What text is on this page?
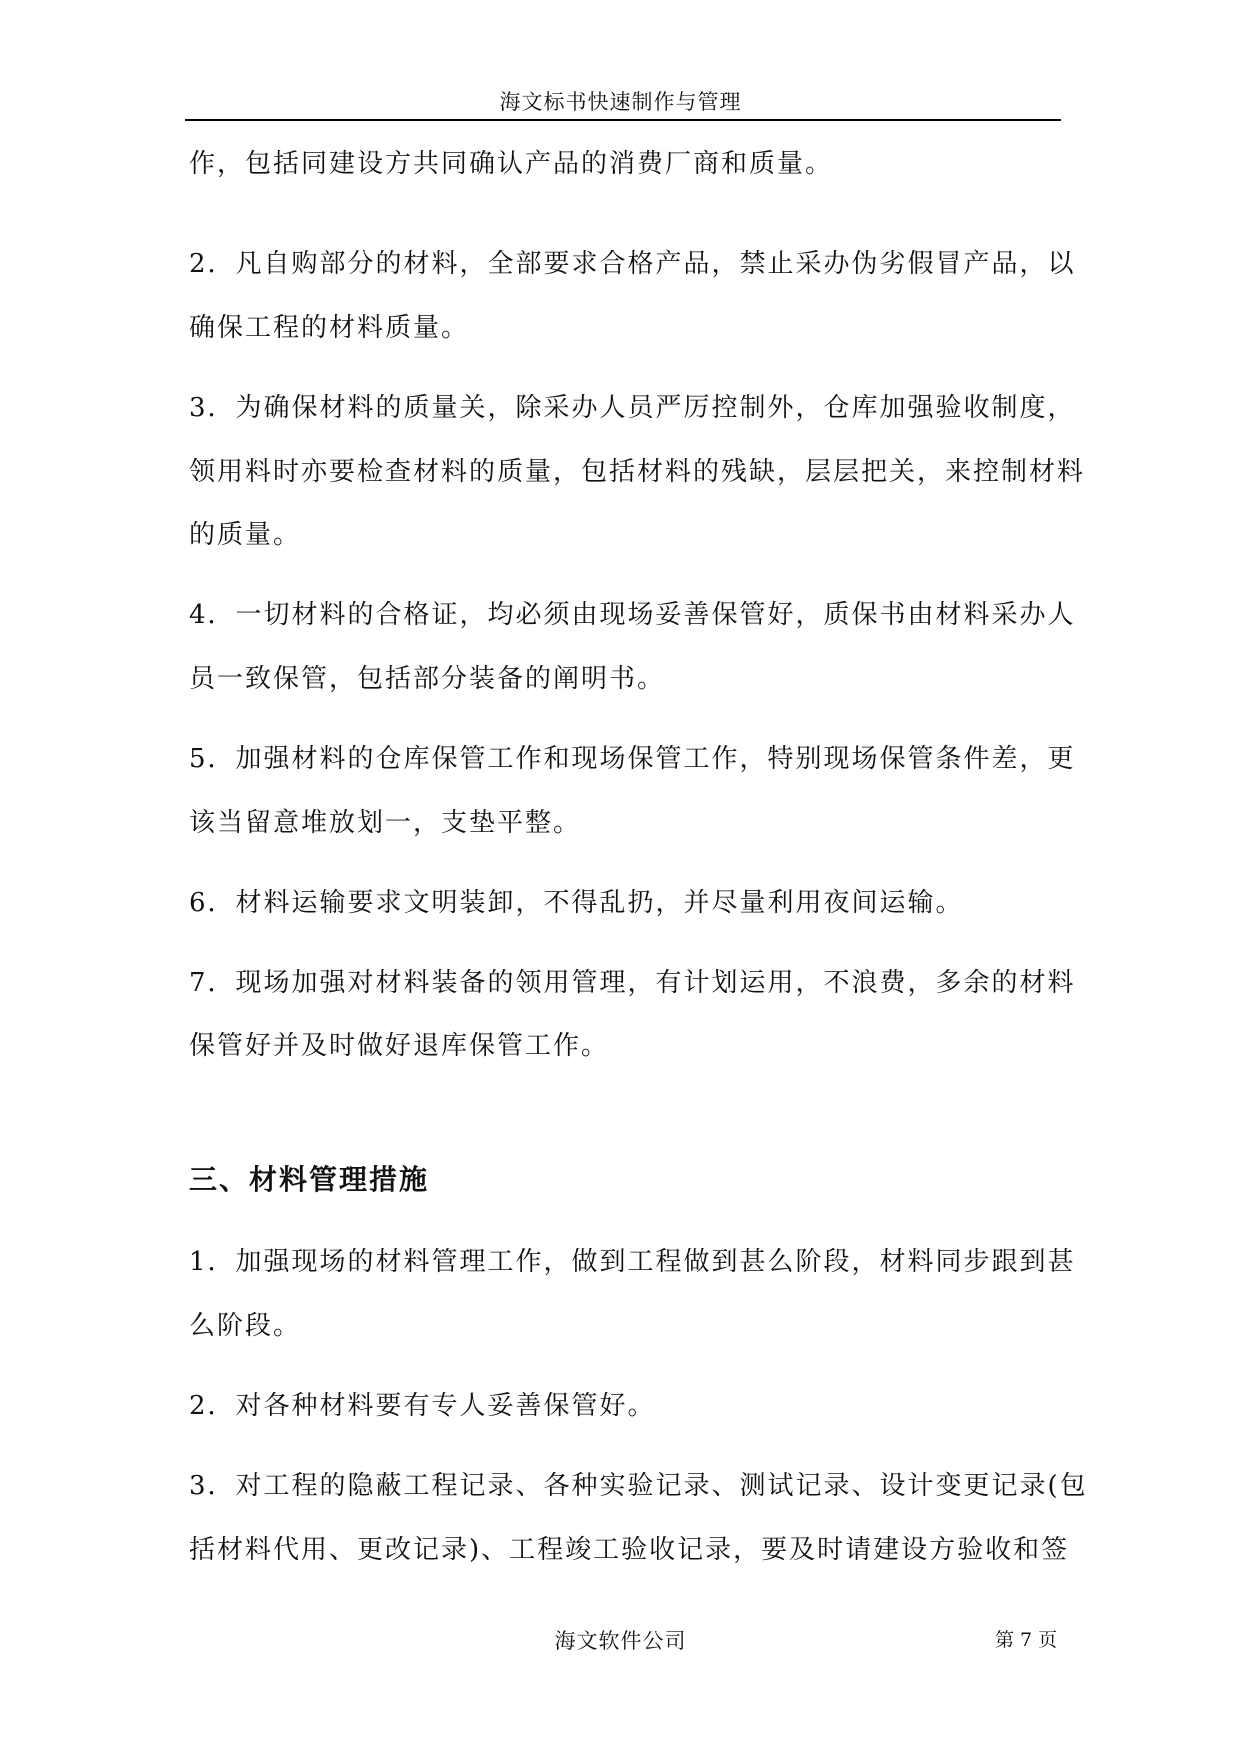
海文标书快速制作与管理
作，包括同建设方共同确认产品的消费厂商和质量。
2．凡自购部分的材料，全部要求合格产品，禁止采办伪劣假冒产品，以
确保工程的材料质量。
3．为确保材料的质量关，除采办人员严厉控制外，仓库加强验收制度，
领用料时亦要检查材料的质量，包括材料的残缺，层层把关，来控制材料
的质量。
4．一切材料的合格证，均必须由现场妥善保管好，质保书由材料采办人
员一致保管，包括部分装备的阐明书。
5．加强材料的仓库保管工作和现场保管工作，特别现场保管条件差，更
该当留意堆放划一，支垫平整。
6．材料运输要求文明装卸，不得乱扔，并尽量利用夜间运输。
7．现场加强对材料装备的领用管理，有计划运用，不浪费，多余的材料
保管好并及时做好退库保管工作。
三、材料管理措施
1．加强现场的材料管理工作，做到工程做到甚么阶段，材料同步跟到甚
么阶段。
2．对各种材料要有专人妥善保管好。
3．对工程的隐蔽工程记录、各种实验记录、测试记录、设计变更记录(包
括材料代用、更改记录)、工程竣工验收记录，要及时请建设方验收和签
海文软件公司	第 7 页
